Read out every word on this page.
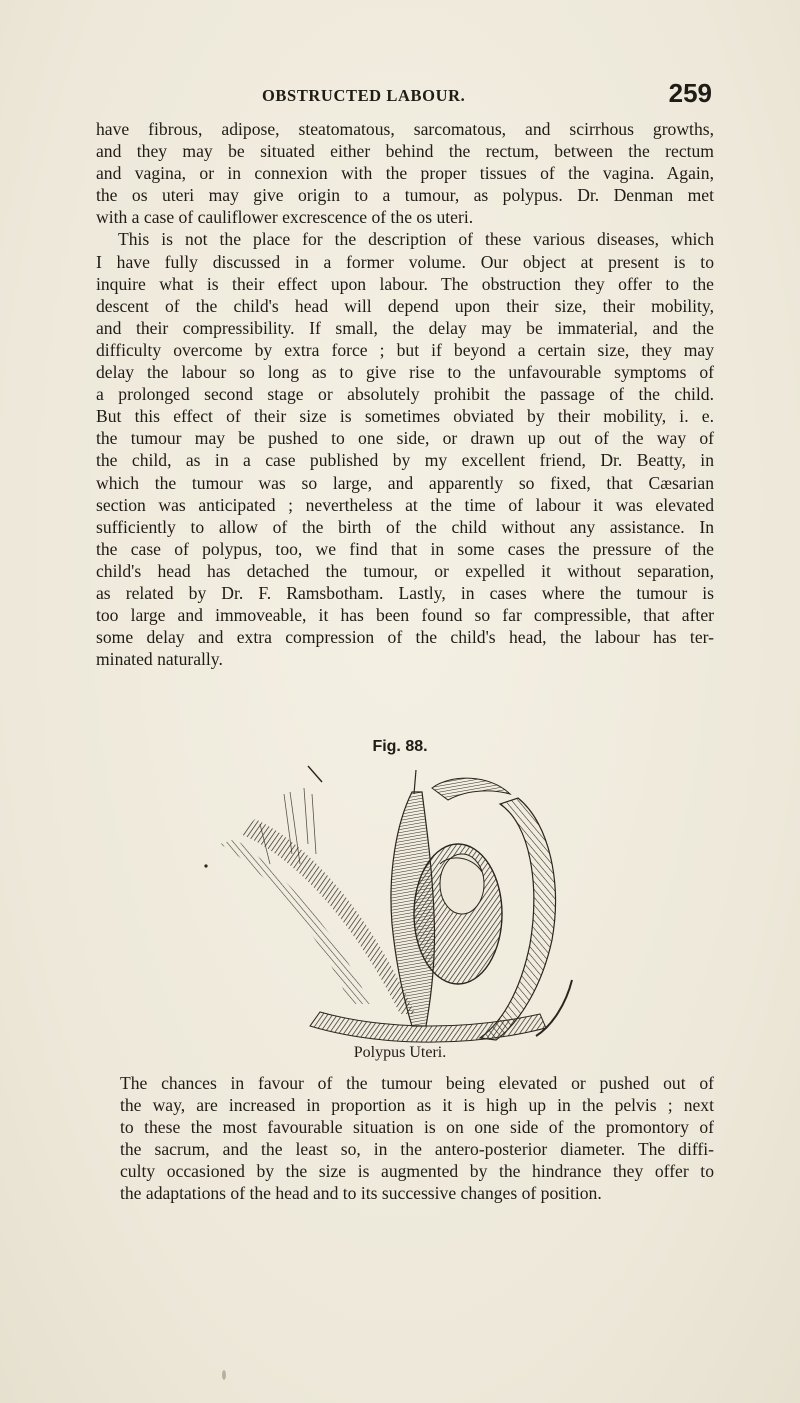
OBSTRUCTED LABOUR.	259
have fibrous, adipose, steatomatous, sarcomatous, and scirrhous growths,
and they may be situated either behind the rectum, between the rectum
and vagina, or in connexion with the proper tissues of the vagina. Again,
the os uteri may give origin to a tumour, as polypus. Dr. Denman met
with a case of cauliflower excrescence of the os uteri.
This is not the place for the description of these various diseases, which
I have fully discussed in a former volume. Our object at present is to
inquire what is their effect upon labour. The obstruction they offer to the
descent of the child's head will depend upon their size, their mobility,
and their compressibility. If small, the delay may be immaterial, and the
difficulty overcome by extra force ; but if beyond a certain size, they may
delay the labour so long as to give rise to the unfavourable symptoms of
a prolonged second stage or absolutely prohibit the passage of the child.
But this effect of their size is sometimes obviated by their mobility, i. e.
the tumour may be pushed to one side, or drawn up out of the way of
the child, as in a case published by my excellent friend, Dr. Beatty, in
which the tumour was so large, and apparently so fixed, that Cæsarian
section was anticipated ; nevertheless at the time of labour it was elevated
sufficiently to allow of the birth of the child without any assistance. In
the case of polypus, too, we find that in some cases the pressure of the
child's head has detached the tumour, or expelled it without separation,
as related by Dr. F. Ramsbotham. Lastly, in cases where the tumour is
too large and immoveable, it has been found so far compressible, that after
some delay and extra compression of the child's head, the labour has ter-
minated naturally.
Fig. 88.
Polypus Uteri.
The chances in favour of the tumour being elevated or pushed out of
the way, are increased in proportion as it is high up in the pelvis ; next
to these the most favourable situation is on one side of the promontory of
the sacrum, and the least so, in the antero-posterior diameter. The diffi-
culty occasioned by the size is augmented by the hindrance they offer to
the adaptations of the head and to its successive changes of position.
